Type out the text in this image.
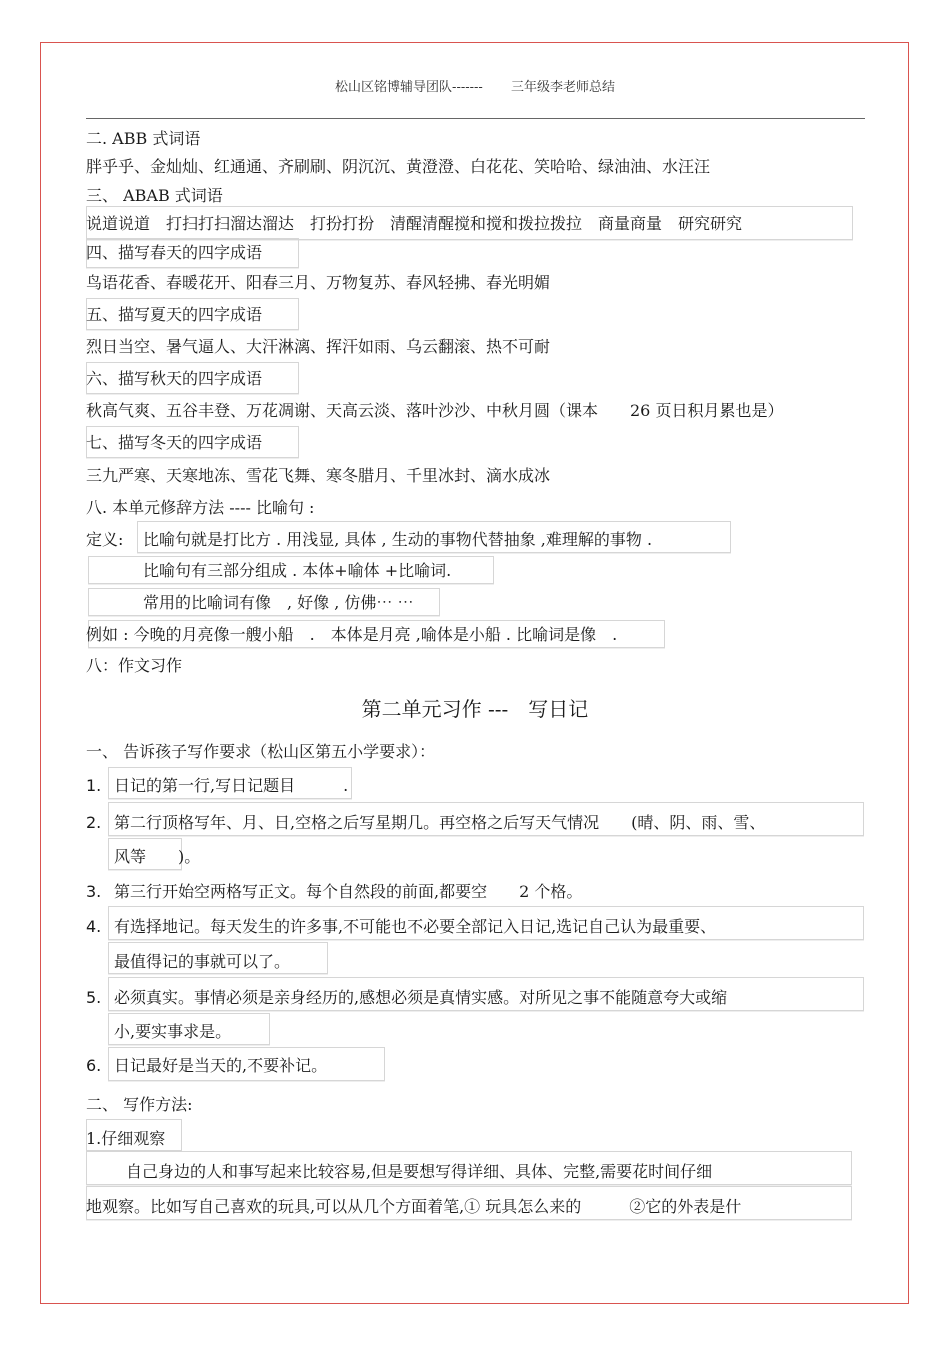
松山区铭博辅导团队------- 三年级李老师总结
二. ABB 式词语
胖乎乎、金灿灿、红通通、齐刷刷、阴沉沉、黄澄澄、白花花、笑哈哈、绿油油、水汪汪
三、 ABAB 式词语
说道说道　打扫打扫溜达溜达　打扮打扮　清醒清醒搅和搅和拨拉拨拉　商量商量　研究研究
四、描写春天的四字成语
鸟语花香、春暖花开、阳春三月、万物复苏、春风轻拂、春光明媚
五、描写夏天的四字成语
烈日当空、暑气逼人、大汗淋漓、挥汗如雨、乌云翻滚、热不可耐
六、描写秋天的四字成语
秋高气爽、五谷丰登、万花凋谢、天高云淡、落叶沙沙、中秋月圆（课本　　26 页日积月累也是）
七、描写冬天的四字成语
三九严寒、天寒地冻、雪花飞舞、寒冬腊月、千里冰封、滴水成冰
八. 本单元修辞方法 ---- 比喻句 :
定义: 比喻句就是打比方 . 用浅显, 具体 , 生动的事物代替抽象 ,难理解的事物 .
比喻句有三部分组成 . 本体+喻体 +比喻词.
常用的比喻词有像　, 好像 , 仿佛⋯ ⋯
例如 : 今晚的月亮像一艘小船　.　本体是月亮 ,喻体是小船 . 比喻词是像　.
八：作文习作
第二单元习作 ---　写日记
一、 告诉孩子写作要求（松山区第五小学要求）：
1. 日记的第一行,写日记题目　　　.
2. 第二行顶格写年、月、日,空格之后写星期几。再空格之后写天气情况　　(晴、阴、雨、雪、
风等　　)。
3. 第三行开始空两格写正文。每个自然段的前面,都要空　　2 个格。
4. 有选择地记。每天发生的许多事,不可能也不必要全部记入日记,选记自己认为最重要、
最值得记的事就可以了。
5. 必须真实。事情必须是亲身经历的,感想必须是真情实感。对所见之事不能随意夸大或缩
小,要实事求是。
6. 日记最好是当天的,不要补记。
二、 写作方法:
1.仔细观察
自己身边的人和事写起来比较容易,但是要想写得详细、具体、完整,需要花时间仔细
地观察。比如写自己喜欢的玩具,可以从几个方面着笔,① 玩具怎么来的　　　②它的外表是什
